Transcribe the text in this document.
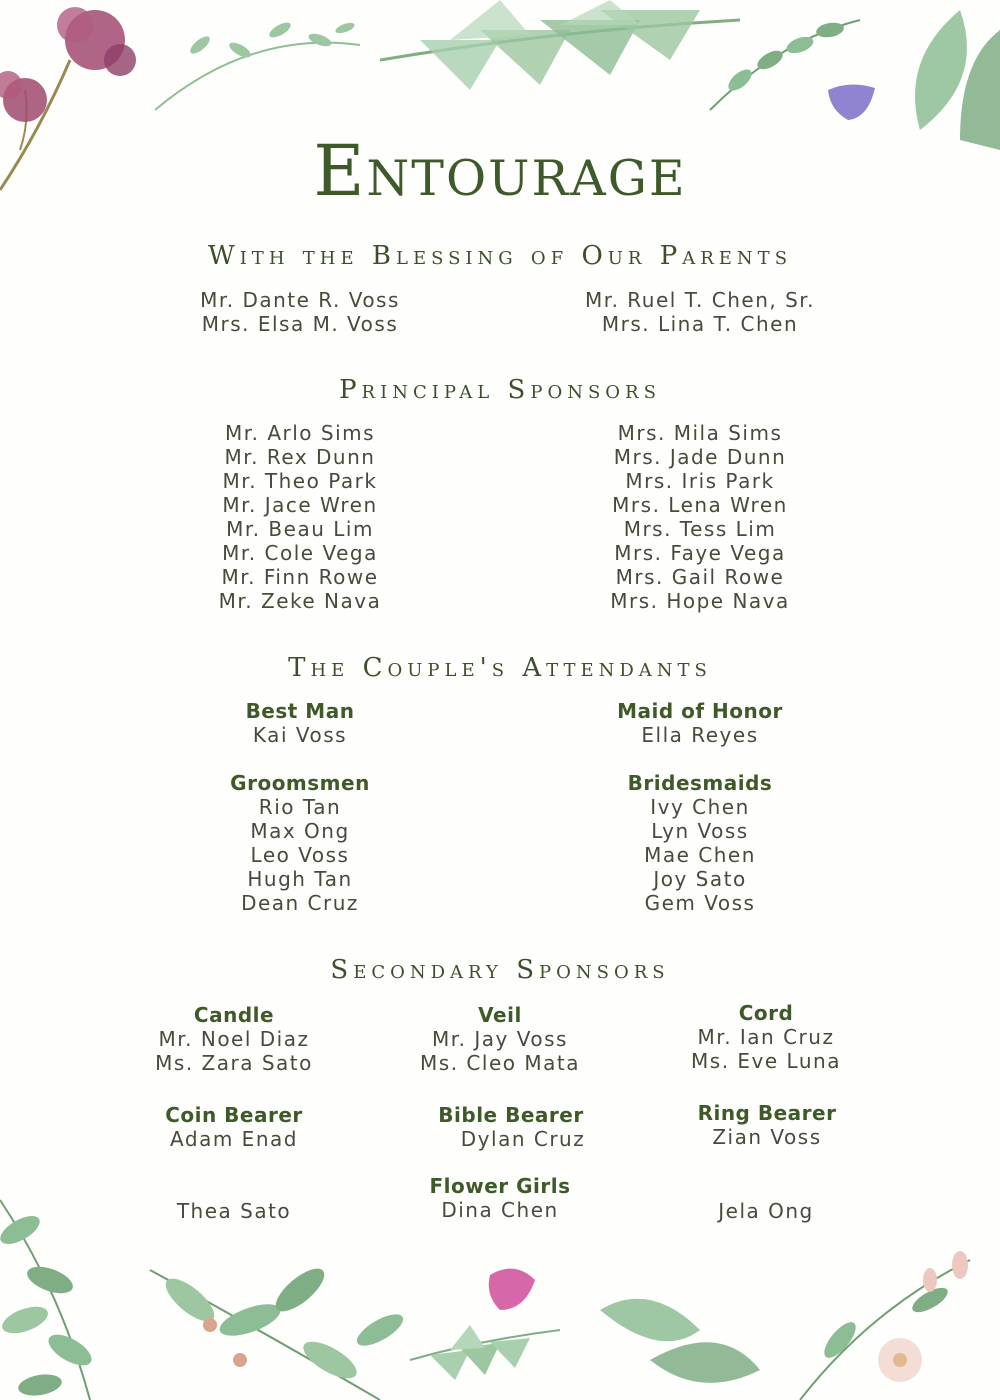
Entourage
With the Blessing of Our Parents
Mr. Dante R. Voss
Mrs. Elsa M. Voss
Mr. Ruel T. Chen, Sr.
Mrs. Lina T. Chen
Principal Sponsors
Mr. Arlo Sims
Mr. Rex Dunn
Mr. Theo Park
Mr. Jace Wren
Mr. Beau Lim
Mr. Cole Vega
Mr. Finn Rowe
Mr. Zeke Nava
Mrs. Mila Sims
Mrs. Jade Dunn
Mrs. Iris Park
Mrs. Lena Wren
Mrs. Tess Lim
Mrs. Faye Vega
Mrs. Gail Rowe
Mrs. Hope Nava
The Couple's Attendants
Best Man
Kai Voss
Maid of Honor
Ella Reyes
Groomsmen
Rio Tan
Max Ong
Leo Voss
Hugh Tan
Dean Cruz
Bridesmaids
Ivy Chen
Lyn Voss
Mae Chen
Joy Sato
Gem Voss
Secondary Sponsors
Candle
Mr. Noel Diaz
Ms. Zara Sato
Veil
Mr. Jay Voss
Ms. Cleo Mata
Cord
Mr. Ian Cruz
Ms. Eve Luna
Coin Bearer
Adam Enad
Bible Bearer
Dylan Cruz
Ring Bearer
Zian Voss
Flower Girls
Dina Chen
Thea Sato	Jela Ong
